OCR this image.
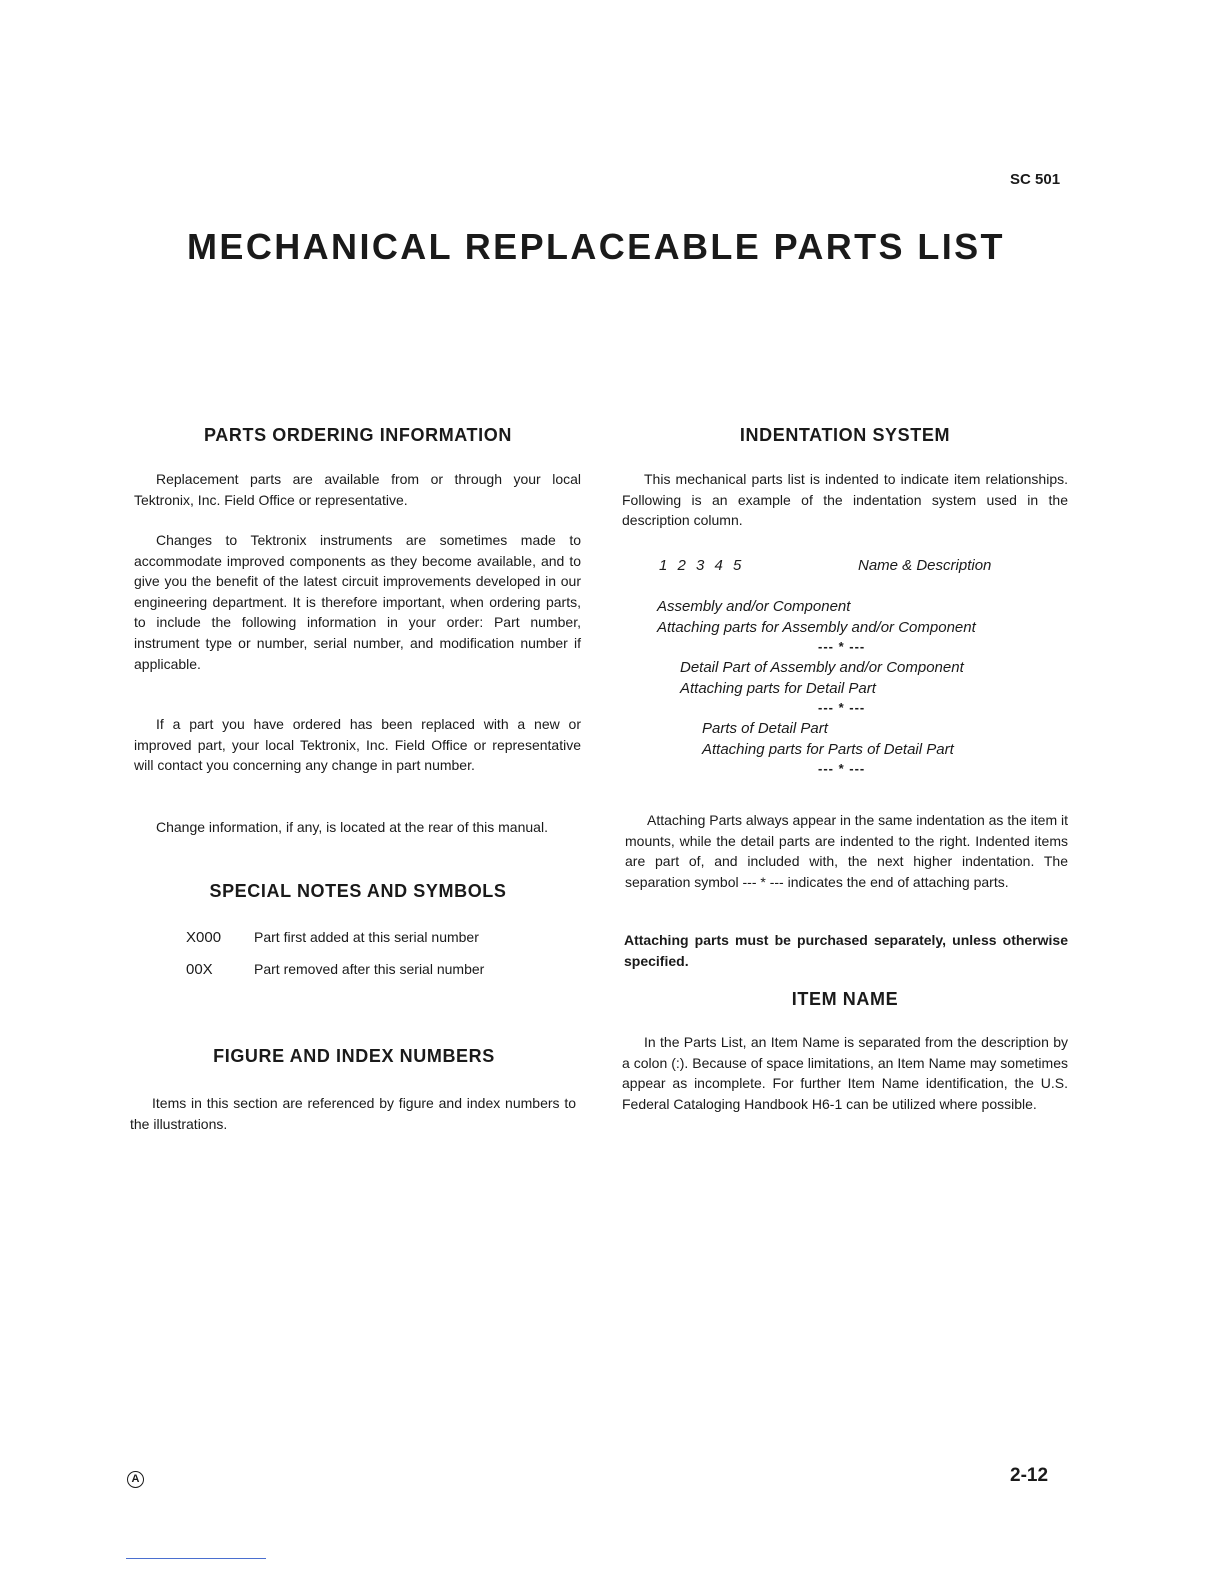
SC 501
MECHANICAL REPLACEABLE PARTS LIST
PARTS ORDERING INFORMATION

Replacement parts are available from or through your local Tektronix, Inc. Field Office or representative.

Changes to Tektronix instruments are sometimes made to accommodate improved components as they become available, and to give you the benefit of the latest circuit improvements developed in our engineering department. It is therefore important, when ordering parts, to include the following information in your order: Part number, instrument type or number, serial number, and modification number if applicable.

If a part you have ordered has been replaced with a new or improved part, your local Tektronix, Inc. Field Office or representative will contact you concerning any change in part number.

Change information, if any, is located at the rear of this manual.

SPECIAL NOTES AND SYMBOLS
X000 Part first added at this serial number
00X	Part removed after this serial number
FIGURE AND INDEX NUMBERS

Items in this section are referenced by figure and index numbers to the illustrations.

INDENTATION SYSTEM

This mechanical parts list is indented to indicate item relationships. Following is an example of the indentation system used in the description column.

1 2 3 4 5	Name & Description
Assembly and/or Component
Attaching parts for Assembly and/or Component
--- * ---
Detail Part of Assembly and/or Component
Attaching parts for Detail Part
--- * ---
Parts of Detail Part
Attaching parts for Parts of Detail Part
--- * ---

Attaching Parts always appear in the same indentation as the item it mounts, while the detail parts are indented to the right. Indented items are part of, and included with, the next higher indentation. The separation symbol --- * --- indicates the end of attaching parts.

Attaching parts must be purchased separately, unless otherwise specified.

ITEM NAME

In the Parts List, an Item Name is separated from the description by a colon (:). Because of space limitations, an Item Name may sometimes appear as incomplete. For further Item Name identification, the U.S. Federal Cataloging Handbook H6-1 can be utilized where possible.

A	2-12
